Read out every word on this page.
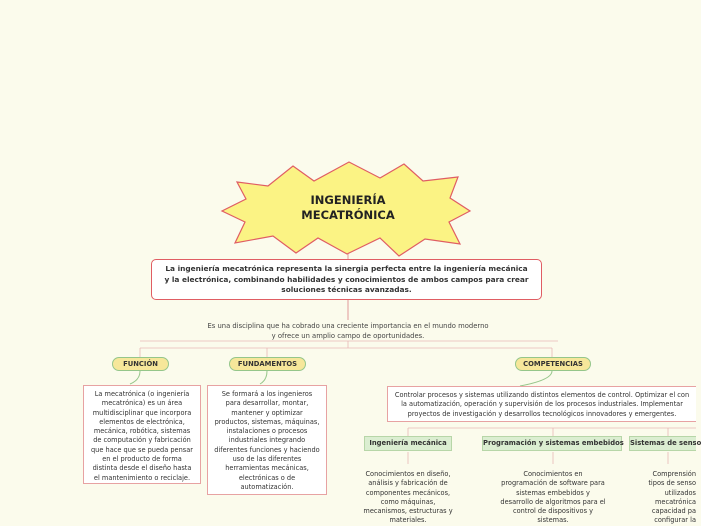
INGENIERÍA
MECATRÓNICA
La ingeniería mecatrónica representa la sinergia perfecta entre la ingeniería mecánica y la electrónica, combinando habilidades y conocimientos de ambos campos para crear soluciones técnicas avanzadas.
Es una disciplina que ha cobrado una creciente importancia en el mundo moderno
y ofrece un amplio campo de oportunidades.
FUNCIÓN
La mecatrónica (o ingeniería mecatrónica) es un área multidisciplinar que incorpora elementos de electrónica, mecánica, robótica, sistemas de computación y fabricación que hace que se pueda pensar en el producto de forma distinta desde el diseño hasta el mantenimiento o reciclaje.
FUNDAMENTOS
Se formará a los ingenieros para desarrollar, montar, mantener y optimizar productos, sistemas, máquinas, instalaciones o procesos industriales integrando diferentes funciones y haciendo uso de las diferentes herramientas mecánicas, electrónicas o de automatización.
COMPETENCIAS
Controlar procesos y sistemas utilizando distintos elementos de control. Optimizar el con
la automatización, operación y supervisión de los procesos industriales. Implementar
proyectos de investigación y desarrollos tecnológicos innovadores y emergentes.
Ingeniería mecánica	Programación y sistemas embebidos Sistemas de senso
Conocimientos en diseño, análisis y fabricación de componentes mecánicos, como máquinas, mecanismos, estructuras y materiales.
Conocimientos en programación de software para sistemas embebidos y desarrollo de algoritmos para el control de dispositivos y sistemas.
Comprensión
tipos de senso
utilizados
mecatrónica
capacidad pa
configurar la
